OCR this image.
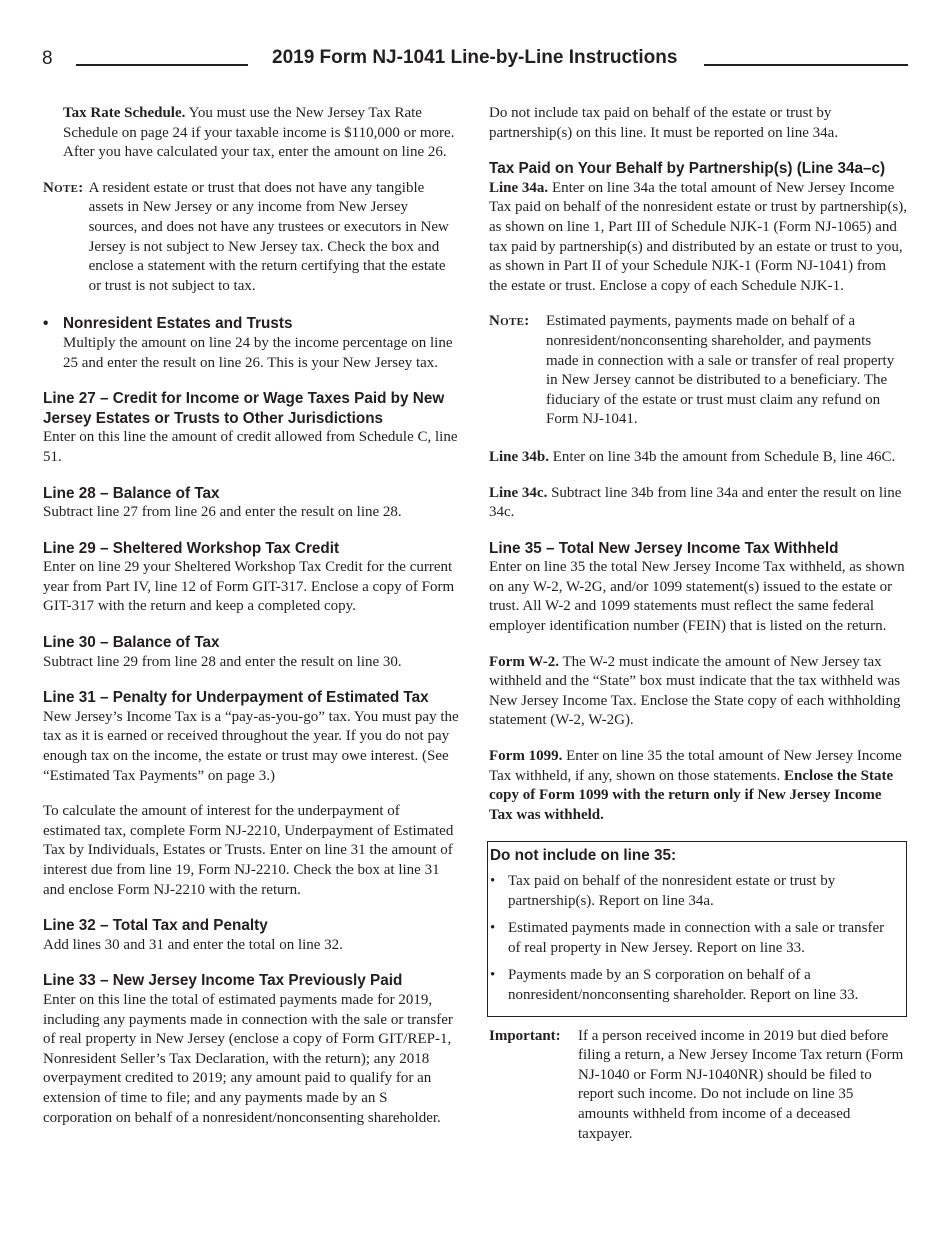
8	2019 Form NJ-1041 Line-by-Line Instructions

Tax Rate Schedule. You must use the New Jersey Tax Rate Schedule on page 24 if your taxable income is $110,000 or more. After you have calculated your tax, enter the amount on line 26.

Note: A resident estate or trust that does not have any tangible assets in New Jersey or any income from New Jersey sources, and does not have any trustees or executors in New Jersey is not subject to New Jersey tax. Check the box and enclose a statement with the return certifying that the estate or trust is not subject to tax.
• Nonresident Estates and Trusts

Multiply the amount on line 24 by the income percentage on line 25 and enter the result on line 26. This is your New Jersey tax.

Line 27 – Credit for Income or Wage Taxes Paid by New Jersey Estates or Trusts to Other Jurisdictions

Enter on this line the amount of credit allowed from Schedule C, line 51.

Line 28 – Balance of Tax

Subtract line 27 from line 26 and enter the result on line 28.

Line 29 – Sheltered Workshop Tax Credit

Enter on line 29 your Sheltered Workshop Tax Credit for the current year from Part IV, line 12 of Form GIT-317. Enclose a copy of Form GIT-317 with the return and keep a completed copy.

Line 30 – Balance of Tax

Subtract line 29 from line 28 and enter the result on line 30.

Line 31 – Penalty for Underpayment of Estimated Tax

New Jersey’s Income Tax is a “pay-as-you-go” tax. You must pay the tax as it is earned or received throughout the year. If you do not pay enough tax on the income, the estate or trust may owe interest. (See “Estimated Tax Payments” on page 3.)

To calculate the amount of interest for the underpayment of estimated tax, complete Form NJ-2210, Underpayment of Estimated Tax by Individuals, Estates or Trusts. Enter on line 31 the amount of interest due from line 19, Form NJ-2210. Check the box at line 31 and enclose Form NJ-2210 with the return.

Line 32 – Total Tax and Penalty

Add lines 30 and 31 and enter the total on line 32.

Line 33 – New Jersey Income Tax Previously Paid

Enter on this line the total of estimated payments made for 2019, including any payments made in connection with the sale or transfer of real property in New Jersey (enclose a copy of Form GIT/REP-1, Nonresident Seller’s Tax Declaration, with the return); any 2018 overpayment credited to 2019; any amount paid to qualify for an extension of time to file; and any payments made by an S corporation on behalf of a nonresident/nonconsenting shareholder.

Do not include tax paid on behalf of the estate or trust by partnership(s) on this line. It must be reported on line 34a.

Tax Paid on Your Behalf by Partnership(s) (Line 34a–c)

Line 34a. Enter on line 34a the total amount of New Jersey Income Tax paid on behalf of the nonresident estate or trust by partnership(s), as shown on line 1, Part III of Schedule NJK-1 (Form NJ-1065) and tax paid by partnership(s) and distributed by an estate or trust to you, as shown in Part II of your Schedule NJK-1 (Form NJ-1041) from the estate or trust. Enclose a copy of each Schedule NJK-1.

Note:	Estimated payments, payments made on behalf of a nonresident/nonconsenting shareholder, and payments made in connection with a sale or transfer of real property in New Jersey cannot be distributed to a beneficiary. The fiduciary of the estate or trust must claim any refund on Form NJ-1041.

Line 34b. Enter on line 34b the amount from Schedule B, line 46C.

Line 34c. Subtract line 34b from line 34a and enter the result on line 34c.

Line 35 – Total New Jersey Income Tax Withheld

Enter on line 35 the total New Jersey Income Tax withheld, as shown on any W-2, W-2G, and/or 1099 statement(s) issued to the estate or trust. All W-2 and 1099 statements must reflect the same federal employer identification number (FEIN) that is listed on the return.

Form W-2. The W-2 must indicate the amount of New Jersey tax withheld and the “State” box must indicate that the tax withheld was New Jersey Income Tax. Enclose the State copy of each withholding statement (W-2, W-2G).

Form 1099. Enter on line 35 the total amount of New Jersey Income Tax withheld, if any, shown on those statements. Enclose the State copy of Form 1099 with the return only if New Jersey Income Tax was withheld.

Do not include on line 35:
• Tax paid on behalf of the nonresident estate or trust by partnership(s). Report on line 34a.
• Estimated payments made in connection with a sale or transfer of real property in New Jersey. Report on line 33.
• Payments made by an S corporation on behalf of a nonresident/nonconsenting shareholder. Report on line 33.
Important:	If a person received income in 2019 but died before filing a return, a New Jersey Income Tax return (Form NJ-1040 or Form NJ-1040NR) should be filed to report such income. Do not include on line 35 amounts withheld from income of a deceased taxpayer.
